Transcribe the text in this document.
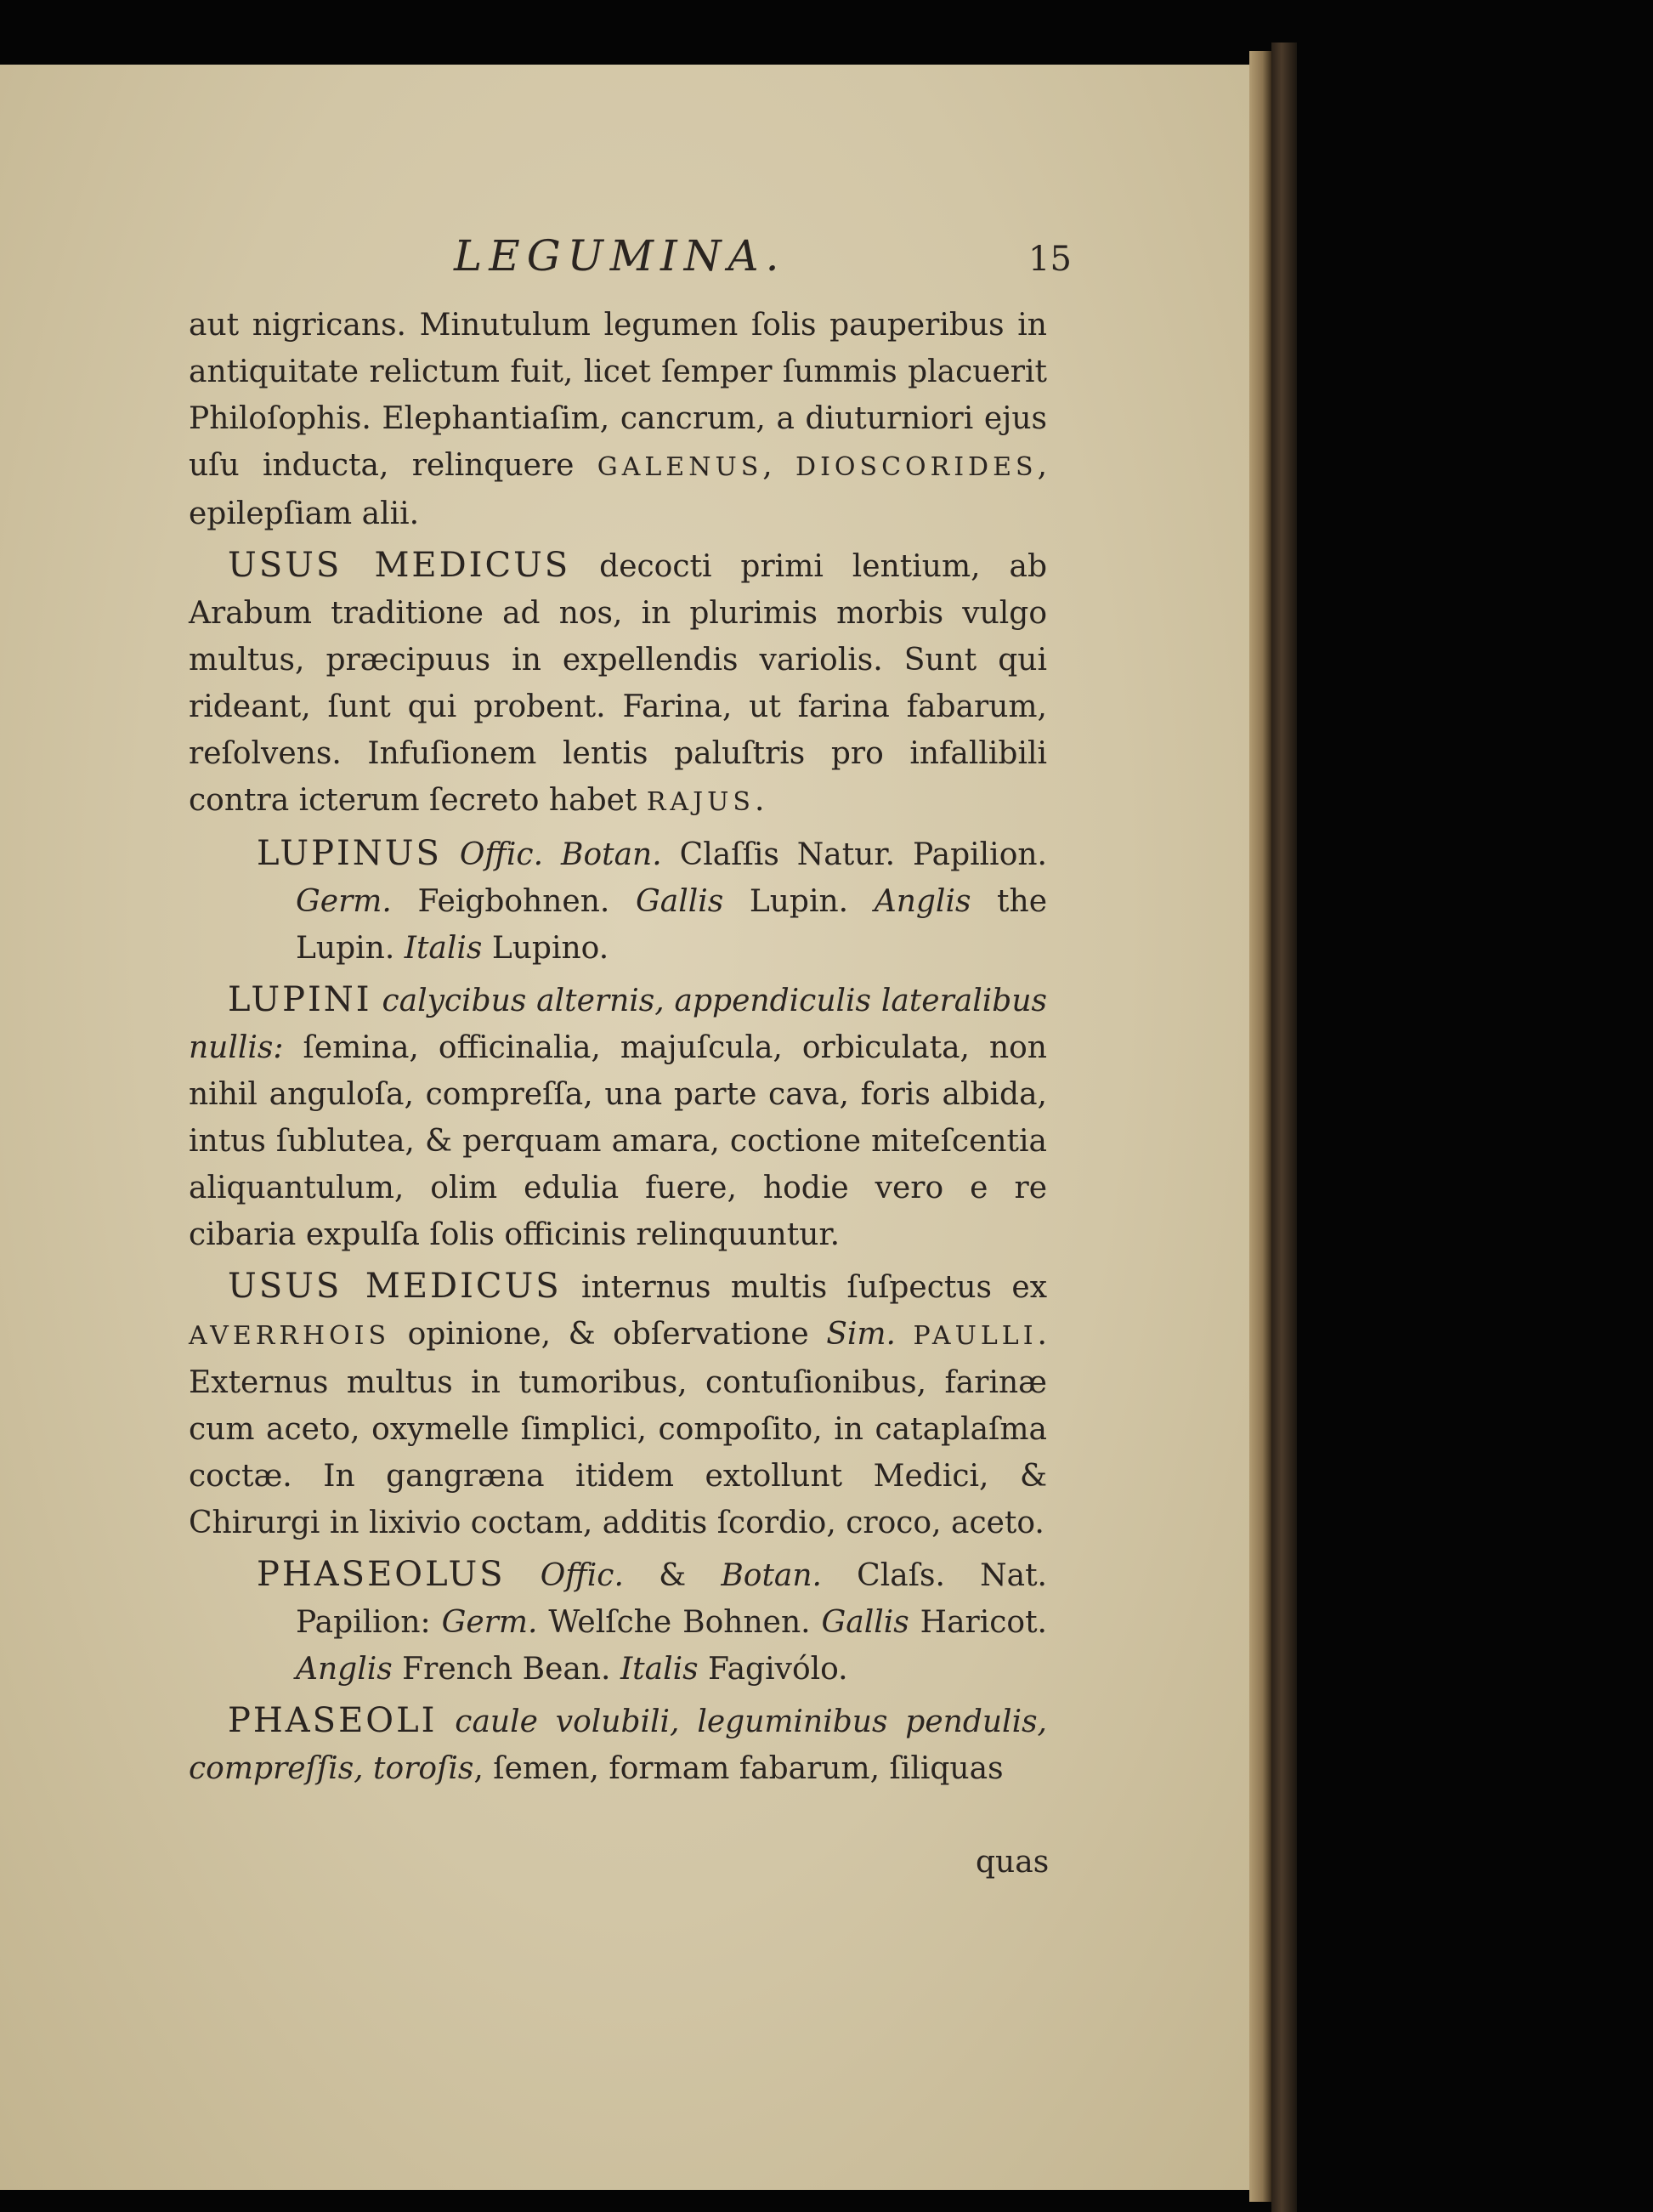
LEGUMINA.	15

aut nigricans. Minutulum legumen ſolis pauperibus in antiquitate relictum fuit, licet ſemper ſummis placuerit Philoſophis. Elephantiaſim, cancrum, a diuturniori ejus uſu inducta, relinquere GALENUS, DIOSCORIDES, epilepſiam alii.

USUS MEDICUS decocti primi lentium, ab Arabum traditione ad nos, in plurimis morbis vulgo multus, præcipuus in expellendis variolis. Sunt qui rideant, ſunt qui probent. Farina, ut farina fabarum, reſolvens. Infuſionem lentis paluſtris pro infallibili contra icterum ſecreto habet RAJUS.

LUPINUS Offic. Botan. Claſſis Natur. Papilion. Germ. Feigbohnen. Gallis Lupin. Anglis the Lupin. Italis Lupino.

LUPINI calycibus alternis, appendiculis lateralibus nullis: ſemina, officinalia, majuſcula, orbiculata, non nihil anguloſa, compreſſa, una parte cava, foris albida, intus ſublutea, & perquam amara, coctione miteſcentia aliquantulum, olim edulia fuere, hodie vero e re cibaria expulſa ſolis officinis relinquuntur.

USUS MEDICUS internus multis ſuſpectus ex AVERRHOIS opinione, & obſervatione Sim. PAULLI. Externus multus in tumoribus, contuſionibus, farinæ cum aceto, oxymelle ſimplici, compoſito, in cataplaſma coctæ. In gangræna itidem extollunt Medici, & Chirurgi in lixivio coctam, additis ſcordio, croco, aceto.

PHASEOLUS Offic. & Botan. Claſs. Nat. Papilion: Germ. Welſche Bohnen. Gallis Haricot. Anglis French Bean. Italis Fagivólo.

PHASEOLI caule volubili, leguminibus pendulis, compreſſis, toroſis, ſemen, formam fabarum, ſiliquas

quas
